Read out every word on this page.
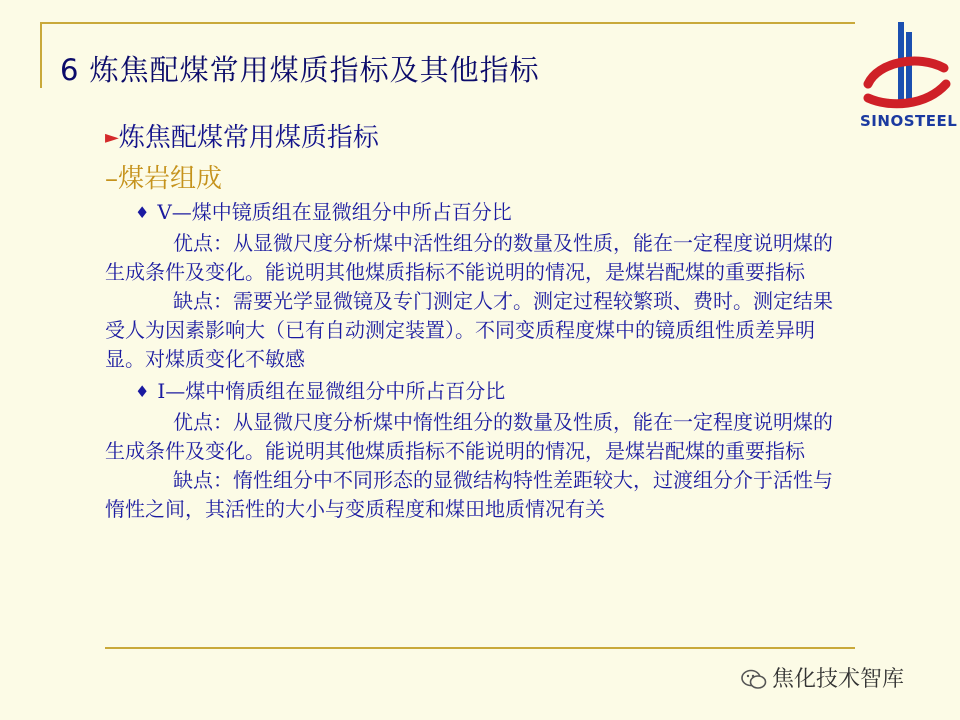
6 炼焦配煤常用煤质指标及其他指标
SINOSTEEL
►炼焦配煤常用煤质指标
–煤岩组成
♦ V—煤中镜质组在显微组分中所占百分比

优点：从显微尺度分析煤中活性组分的数量及性质，能在一定程度说明煤的生成条件及变化。能说明其他煤质指标不能说明的情况，是煤岩配煤的重要指标

缺点：需要光学显微镜及专门测定人才。测定过程较繁琐、费时。测定结果受人为因素影响大（已有自动测定装置）。不同变质程度煤中的镜质组性质差异明显。对煤质变化不敏感

♦ I—煤中惰质组在显微组分中所占百分比

优点：从显微尺度分析煤中惰性组分的数量及性质，能在一定程度说明煤的生成条件及变化。能说明其他煤质指标不能说明的情况，是煤岩配煤的重要指标

缺点：惰性组分中不同形态的显微结构特性差距较大，过渡组分介于活性与惰性之间，其活性的大小与变质程度和煤田地质情况有关

焦化技术智库
